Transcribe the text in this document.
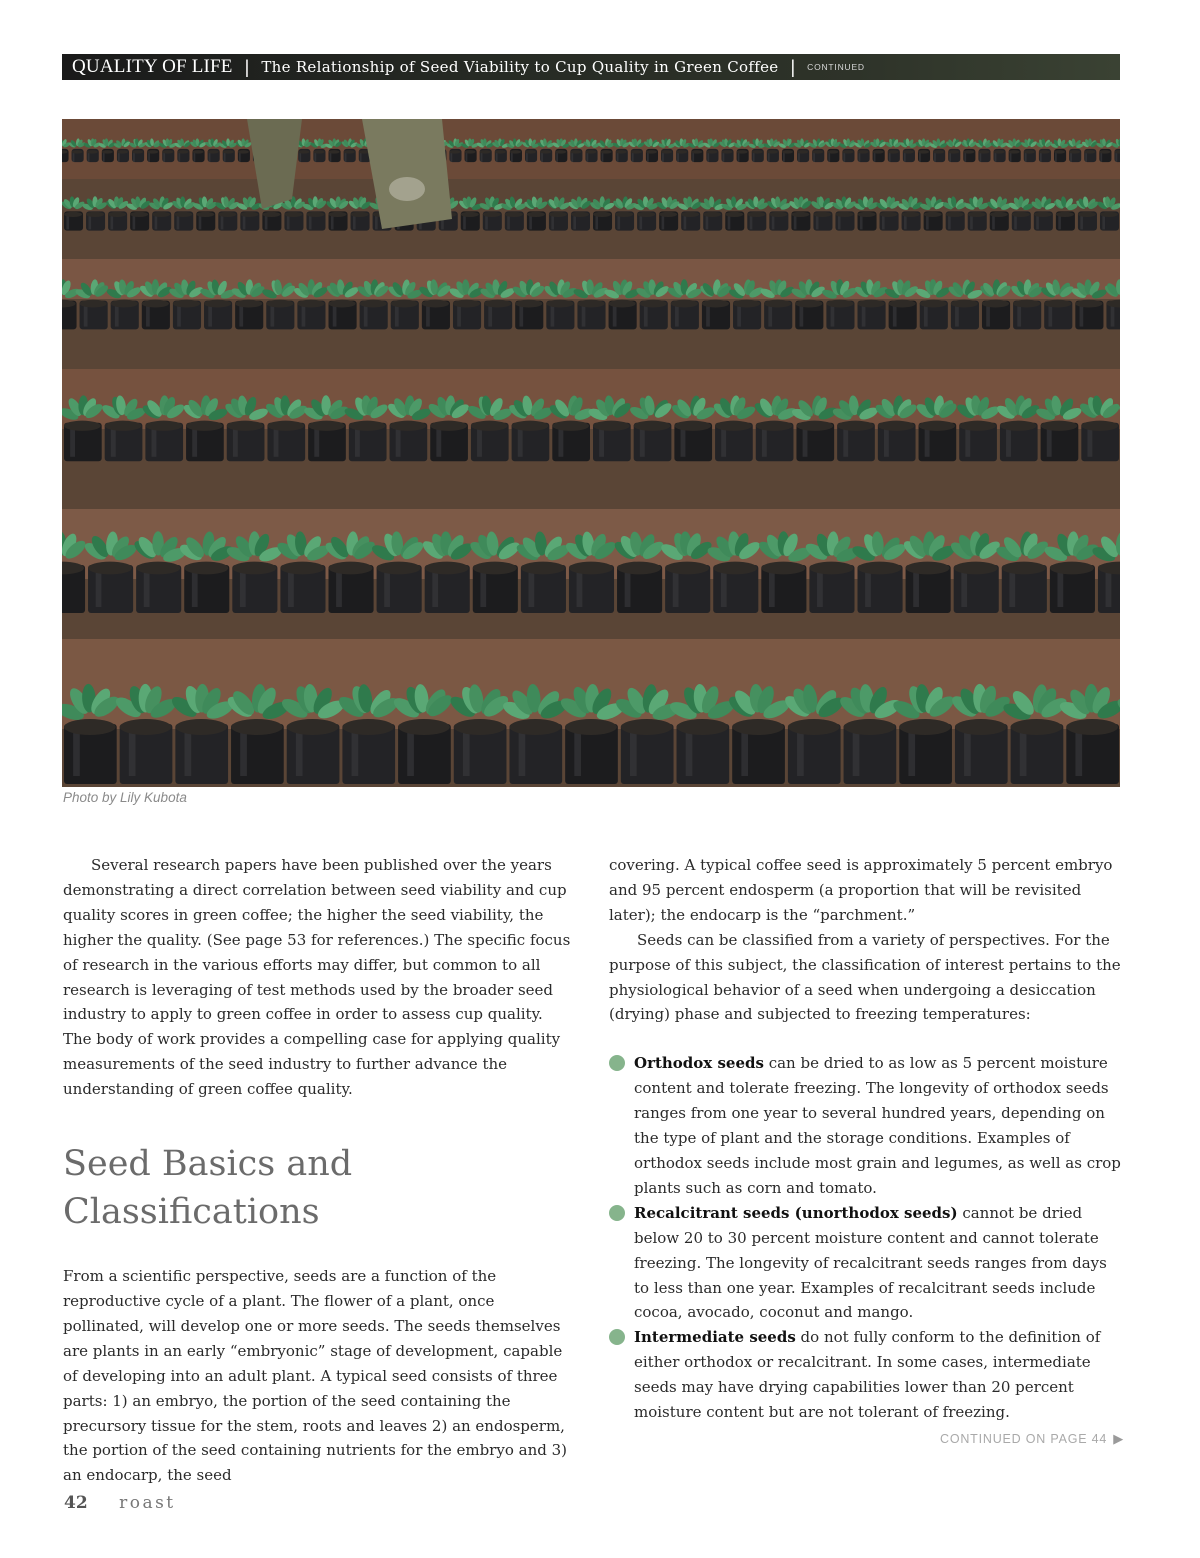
QUALITY OF LIFE | The Relationship of Seed Viability to Cup Quality in Green Coffee | CONTINUED
Photo by Lily Kubota

Several research papers have been published over the years demonstrating a direct correlation between seed viability and cup quality scores in green coffee; the higher the seed viability, the higher the quality. (See page 53 for references.) The specific focus of research in the various efforts may differ, but common to all research is leveraging of test methods used by the broader seed industry to apply to green coffee in order to assess cup quality. The body of work provides a compelling case for applying quality measurements of the seed industry to further advance the understanding of green coffee quality.

Seed Basics and Classifications

From a scientific perspective, seeds are a function of the reproductive cycle of a plant. The flower of a plant, once pollinated, will develop one or more seeds. The seeds themselves are plants in an early “embryonic” stage of development, capable of developing into an adult plant. A typical seed consists of three parts: 1) an embryo, the portion of the seed containing the precursory tissue for the stem, roots and leaves 2) an endosperm, the portion of the seed containing nutrients for the embryo and 3) an endocarp, the seed

covering. A typical coffee seed is approximately 5 percent embryo and 95 percent endosperm (a proportion that will be revisited later); the endocarp is the “parchment.”

Seeds can be classified from a variety of perspectives. For the purpose of this subject, the classification of interest pertains to the physiological behavior of a seed when undergoing a desiccation (drying) phase and subjected to freezing temperatures:

Orthodox seeds can be dried to as low as 5 percent moisture content and tolerate freezing. The longevity of orthodox seeds ranges from one year to several hundred years, depending on the type of plant and the storage conditions. Examples of orthodox seeds include most grain and legumes, as well as crop plants such as corn and tomato.
Recalcitrant seeds (unorthodox seeds) cannot be dried below 20 to 30 percent moisture content and cannot tolerate freezing. The longevity of recalcitrant seeds ranges from days to less than one year. Examples of recalcitrant seeds include cocoa, avocado, coconut and mango.
Intermediate seeds do not fully conform to the definition of either orthodox or recalcitrant. In some cases, intermediate seeds may have drying capabilities lower than 20 percent moisture content but are not tolerant of freezing.
CONTINUED ON PAGE 44 ▶
42 roast
